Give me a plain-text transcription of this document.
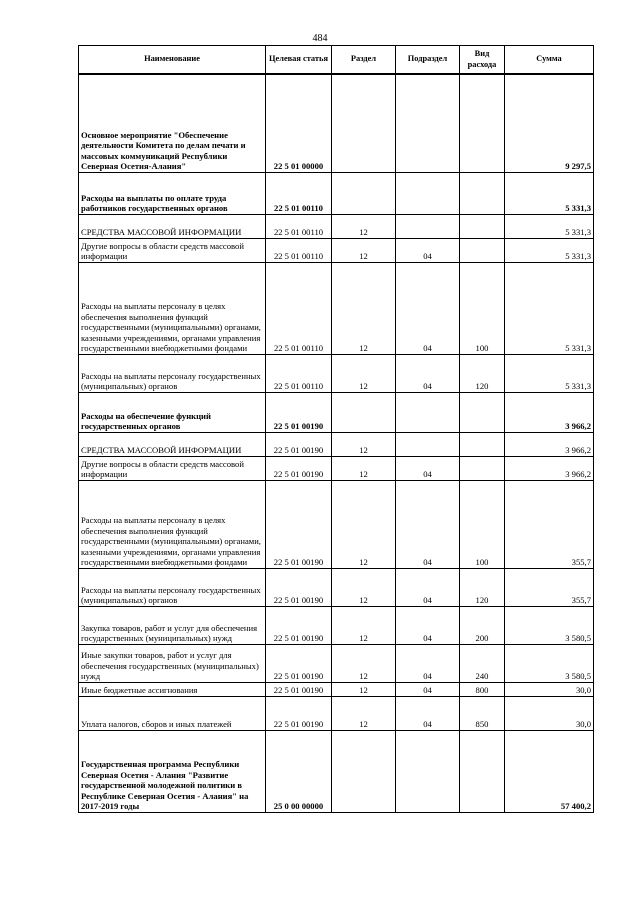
484
Наименование	Целевая статья	Раздел	Подраздел	Вид расхода	Сумма
Основное мероприятие "Обеспечение деятельности Комитета по делам печати и массовых коммуникаций Республики Северная Осетия-Алания"	22 5 01 00000				9 297,5
Расходы на выплаты по оплате труда работников государственных органов	22 5 01 00110				5 331,3
СРЕДСТВА МАССОВОЙ ИНФОРМАЦИИ	22 5 01 00110	12			5 331,3
Другие вопросы в области средств массовой информации	22 5 01 00110	12	04		5 331,3
Расходы на выплаты персоналу в целях обеспечения выполнения функций государственными (муниципальными) органами, казенными учреждениями, органами управления государственными внебюджетными фондами	22 5 01 00110	12	04	100	5 331,3
Расходы на выплаты персоналу государственных (муниципальных) органов	22 5 01 00110	12	04	120	5 331,3
Расходы на обеспечение функций государственных органов	22 5 01 00190				3 966,2
СРЕДСТВА МАССОВОЙ ИНФОРМАЦИИ	22 5 01 00190	12			3 966,2
Другие вопросы в области средств массовой информации	22 5 01 00190	12	04		3 966,2
Расходы на выплаты персоналу в целях обеспечения выполнения функций государственными (муниципальными) органами, казенными учреждениями, органами управления государственными внебюджетными фондами	22 5 01 00190	12	04	100	355,7
Расходы на выплаты персоналу государственных (муниципальных) органов	22 5 01 00190	12	04	120	355,7
Закупка товаров, работ и услуг для обеспечения государственных (муниципальных) нужд	22 5 01 00190	12	04	200	3 580,5
Иные закупки товаров, работ и услуг для обеспечения государственных (муниципальных) нужд	22 5 01 00190	12	04	240	3 580,5
Иные бюджетные ассигнования	22 5 01 00190	12	04	800	30,0
Уплата налогов, сборов и иных платежей	22 5 01 00190	12	04	850	30,0
Государственная программа Республики Северная Осетия - Алания "Развитие государственной молодежной политики в Республике Северная Осетия - Алания" на 2017-2019 годы	25 0 00 00000				57 400,2
